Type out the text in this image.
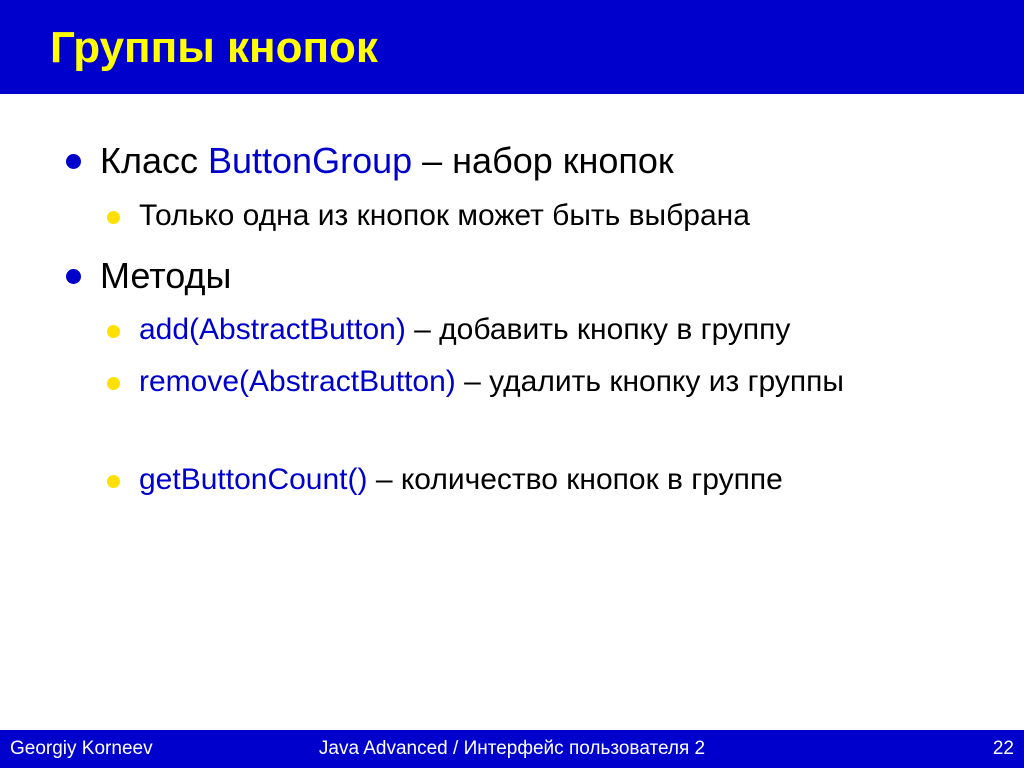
Группы кнопок
Класс ButtonGroup – набор кнопок
Только одна из кнопок может быть выбрана
Методы
add(AbstractButton) – добавить кнопку в группу
remove(AbstractButton) – удалить кнопку из группы
getButtonCount() – количество кнопок в группе
Georgiy Korneev	Java Advanced / Интерфейс пользователя 2	22
